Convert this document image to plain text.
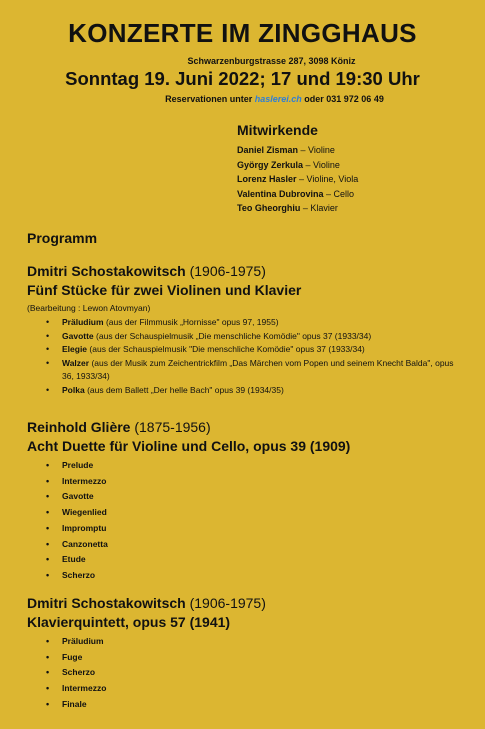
KONZERTE IM ZINGGHAUS
Schwarzenburgstrasse 287, 3098 Köniz
Sonntag 19. Juni 2022; 17 und 19:30 Uhr
Reservationen unter haslerei.ch oder 031 972 06 49
Mitwirkende
Daniel Zisman – Violine
György Zerkula – Violine
Lorenz Hasler – Violine, Viola
Valentina Dubrovina – Cello
Teo Gheorghiu – Klavier
Programm
Dmitri Schostakowitsch (1906-1975)
Fünf Stücke für zwei Violinen und Klavier
(Bearbeitung : Lewon Atovmyan)
• Präludium (aus der Filmmusik „Hornisse" opus 97, 1955)
• Gavotte (aus der Schauspielmusik „Die menschliche Komödie" opus 37 (1933/34)
• Elegie (aus der Schauspielmusik "Die menschliche Komödie" opus 37 (1933/34)
• Walzer (aus der Musik zum Zeichentrickfilm „Das Märchen vom Popen und seinem Knecht Balda", opus 36, 1933/34)
• Polka (aus dem Ballett „Der helle Bach" opus 39 (1934/35)
Reinhold Glière (1875-1956)
Acht Duette für Violine und Cello, opus 39 (1909)
• Prelude
• Intermezzo
• Gavotte
• Wiegenlied
• Impromptu
• Canzonetta
• Etude
• Scherzo
Dmitri Schostakowitsch (1906-1975)
Klavierquintett, opus 57 (1941)
• Präludium
• Fuge
• Scherzo
• Intermezzo
• Finale
